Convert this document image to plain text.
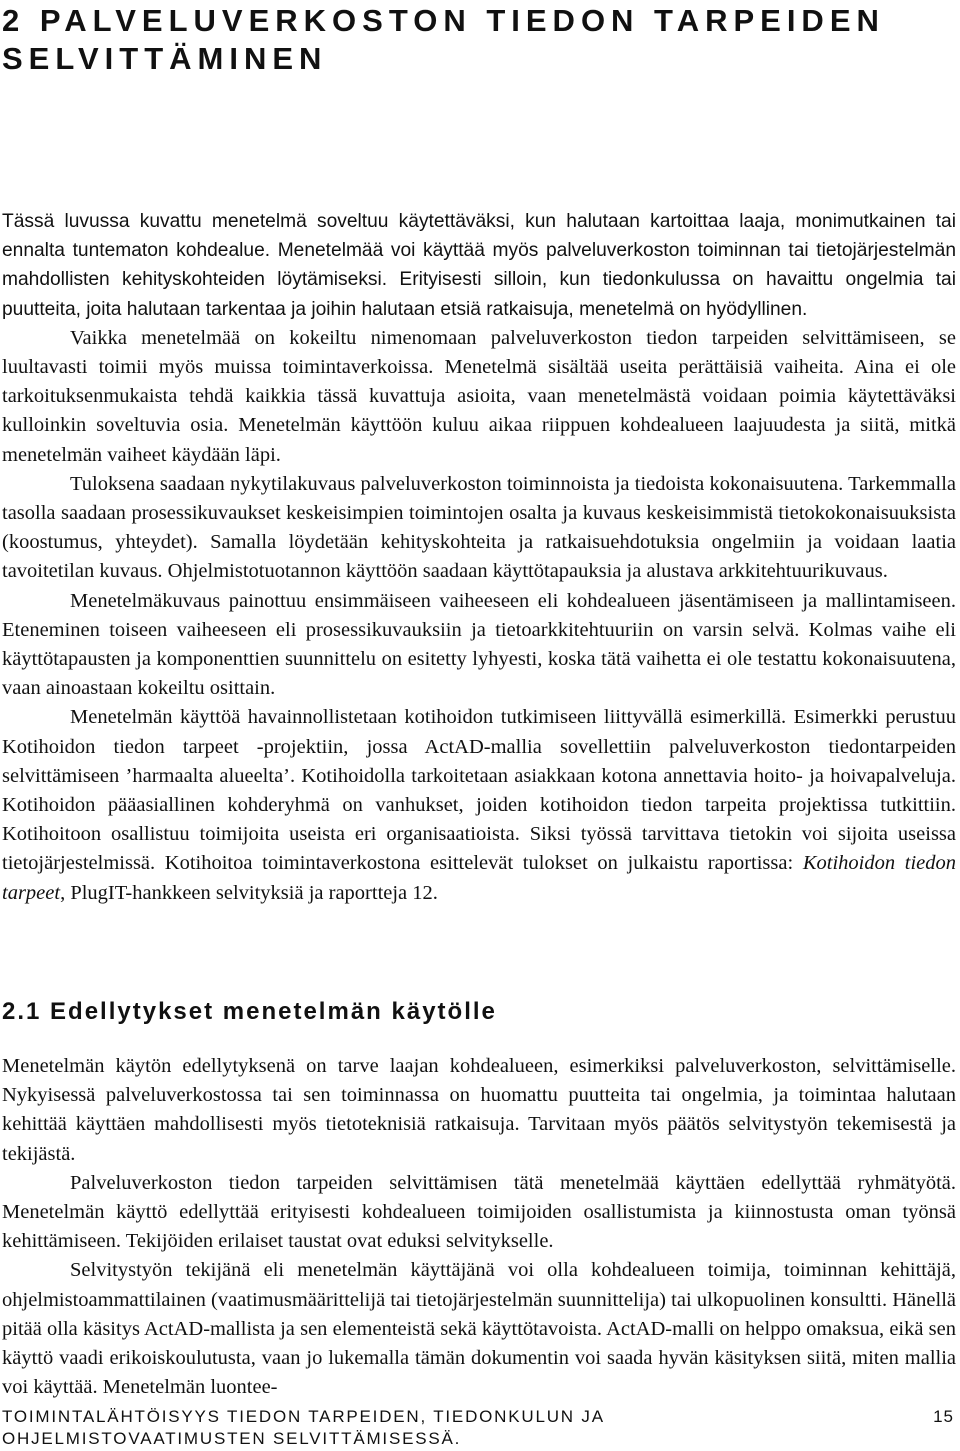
2 PALVELUVERKOSTON TIEDON TARPEIDEN SELVITTÄMINEN

Tässä luvussa kuvattu menetelmä soveltuu käytettäväksi, kun halutaan kartoittaa laaja, monimutkainen tai ennalta tuntematon kohdealue. Menetelmää voi käyttää myös palveluverkoston toiminnan tai tietojärjestelmän mahdollisten kehityskohteiden löytämiseksi. Erityisesti silloin, kun tiedonkulussa on havaittu ongelmia tai puutteita, joita halutaan tarkentaa ja joihin halutaan etsiä ratkaisuja, menetelmä on hyödyllinen.

Vaikka menetelmää on kokeiltu nimenomaan palveluverkoston tiedon tarpeiden selvittämiseen, se luultavasti toimii myös muissa toimintaverkoissa. Menetelmä sisältää useita perättäisiä vaiheita. Aina ei ole tarkoituksenmukaista tehdä kaikkia tässä kuvattuja asioita, vaan menetelmästä voidaan poimia käytettäväksi kulloinkin soveltuvia osia. Menetelmän käyttöön kuluu aikaa riippuen kohdealueen laajuudesta ja siitä, mitkä menetelmän vaiheet käydään läpi.

Tuloksena saadaan nykytilakuvaus palveluverkoston toiminnoista ja tiedoista kokonaisuutena. Tarkemmalla tasolla saadaan prosessikuvaukset keskeisimpien toimintojen osalta ja kuvaus keskeisimmistä tietokokonaisuuksista (koostumus, yhteydet). Samalla löydetään kehityskohteita ja ratkaisuehdotuksia ongelmiin ja voidaan laatia tavoitetilan kuvaus. Ohjelmistotuotannon käyttöön saadaan käyttötapauksia ja alustava arkkitehtuurikuvaus.

Menetelmäkuvaus painottuu ensimmäiseen vaiheeseen eli kohdealueen jäsentämiseen ja mallintamiseen. Eteneminen toiseen vaiheeseen eli prosessikuvauksiin ja tietoarkkitehtuuriin on varsin selvä. Kolmas vaihe eli käyttötapausten ja komponenttien suunnittelu on esitetty lyhyesti, koska tätä vaihetta ei ole testattu kokonaisuutena, vaan ainoastaan kokeiltu osittain.

Menetelmän käyttöä havainnollistetaan kotihoidon tutkimiseen liittyvällä esimerkillä. Esimerkki perustuu Kotihoidon tiedon tarpeet -projektiin, jossa ActAD-mallia sovellettiin palveluverkoston tiedontarpeiden selvittämiseen ’harmaalta alueelta’. Kotihoidolla tarkoitetaan asiakkaan kotona annettavia hoito- ja hoivapalveluja. Kotihoidon pääasiallinen kohderyhmä on vanhukset, joiden kotihoidon tiedon tarpeita projektissa tutkittiin. Kotihoitoon osallistuu toimijoita useista eri organisaatioista. Siksi työssä tarvittava tietokin voi sijoita useissa tietojärjestelmissä. Kotihoitoa toimintaverkostona esittelevät tulokset on julkaistu raportissa: Kotihoidon tiedon tarpeet, PlugIT-hankkeen selvityksiä ja raportteja 12.

2.1 Edellytykset menetelmän käytölle

Menetelmän käytön edellytyksenä on tarve laajan kohdealueen, esimerkiksi palveluverkoston, selvittämiselle. Nykyisessä palveluverkostossa tai sen toiminnassa on huomattu puutteita tai ongelmia, ja toimintaa halutaan kehittää käyttäen mahdollisesti myös tietoteknisiä ratkaisuja. Tarvitaan myös päätös selvitystyön tekemisestä ja tekijästä.

Palveluverkoston tiedon tarpeiden selvittämisen tätä menetelmää käyttäen edellyttää ryhmätyötä. Menetelmän käyttö edellyttää erityisesti kohdealueen toimijoiden osallistumista ja kiinnostusta oman työnsä kehittämiseen. Tekijöiden erilaiset taustat ovat eduksi selvitykselle.

Selvitystyön tekijänä eli menetelmän käyttäjänä voi olla kohdealueen toimija, toiminnan kehittäjä, ohjelmistoammattilainen (vaatimusmäärittelijä tai tietojärjestelmän suunnittelija) tai ulkopuolinen konsultti. Hänellä pitää olla käsitys ActAD-mallista ja sen elementeistä sekä käyttötavoista. ActAD-malli on helppo omaksua, eikä sen käyttö vaadi erikoiskoulutusta, vaan jo lukemalla tämän dokumentin voi saada hyvän käsityksen siitä, miten mallia voi käyttää. Menetelmän luontee-

TOIMINTALÄHTÖISYYS TIEDON TARPEIDEN, TIEDONKULUN JA OHJELMISTOVAATIMUSTEN SELVITTÄMISESSÄ.
15
